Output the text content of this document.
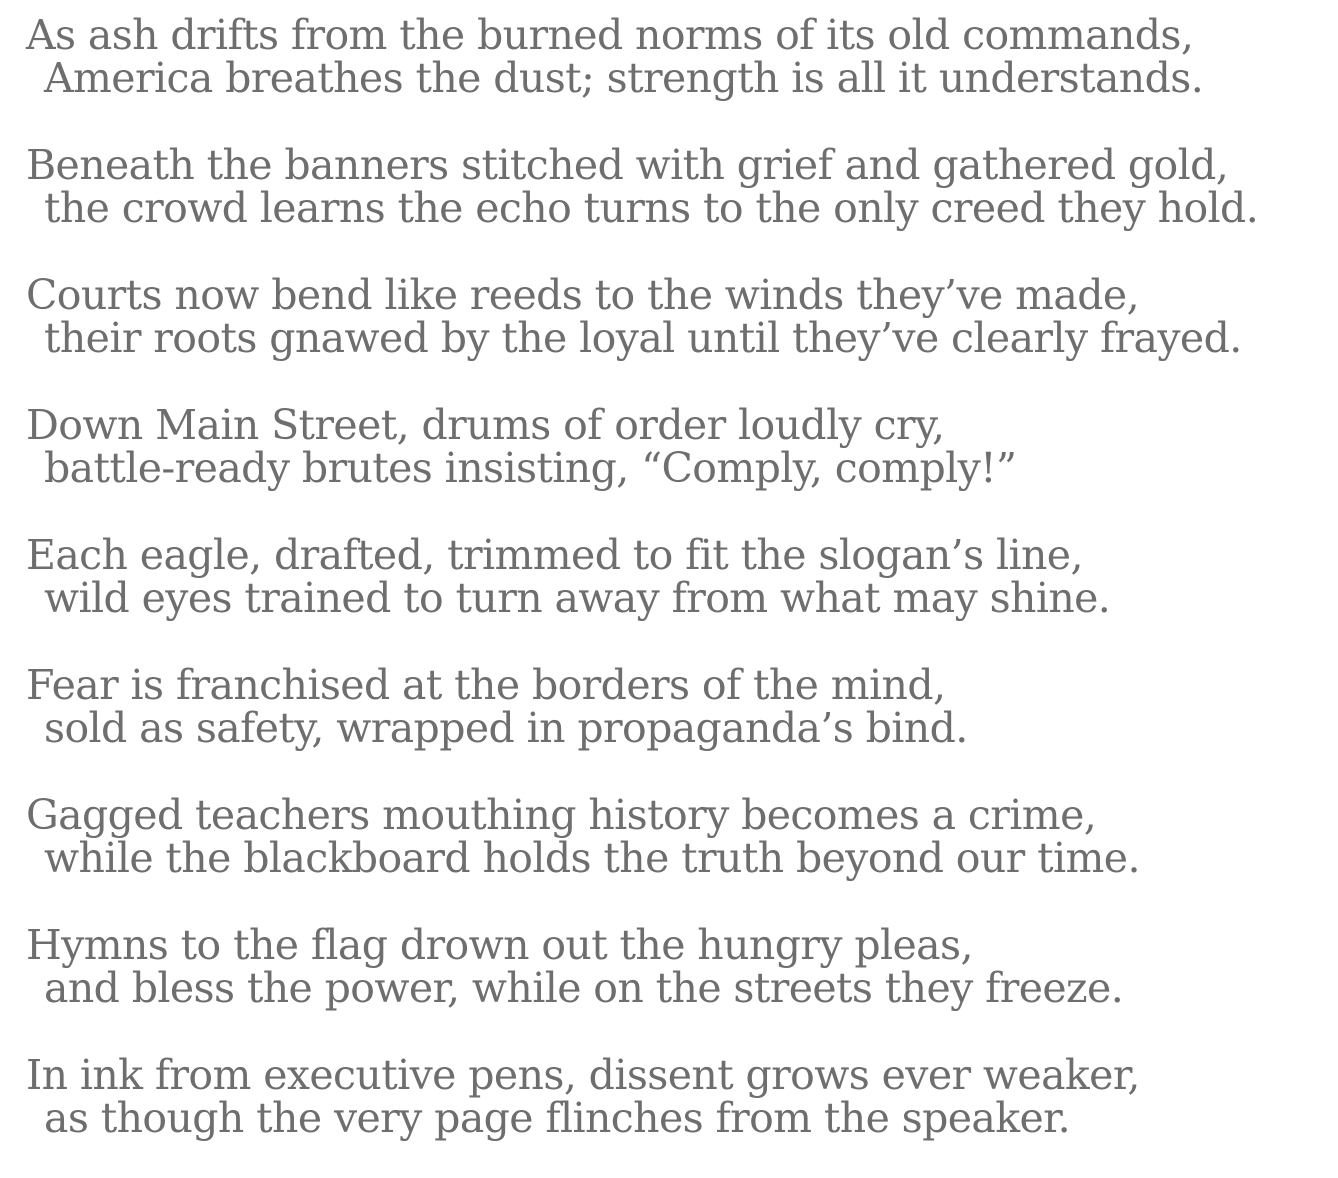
As ash drifts from the burned norms of its old commands,

America breathes the dust; strength is all it understands.

Beneath the banners stitched with grief and gathered gold,

the crowd learns the echo turns to the only creed they hold.

Courts now bend like reeds to the winds they’ve made,

their roots gnawed by the loyal until they’ve clearly frayed.

Down Main Street, drums of order loudly cry,

battle-ready brutes insisting, “Comply, comply!”

Each eagle, drafted, trimmed to fit the slogan’s line,

wild eyes trained to turn away from what may shine.

Fear is franchised at the borders of the mind,

sold as safety, wrapped in propaganda’s bind.

Gagged teachers mouthing history becomes a crime,

while the blackboard holds the truth beyond our time.

Hymns to the flag drown out the hungry pleas,

and bless the power, while on the streets they freeze.

In ink from executive pens, dissent grows ever weaker,

as though the very page flinches from the speaker.
